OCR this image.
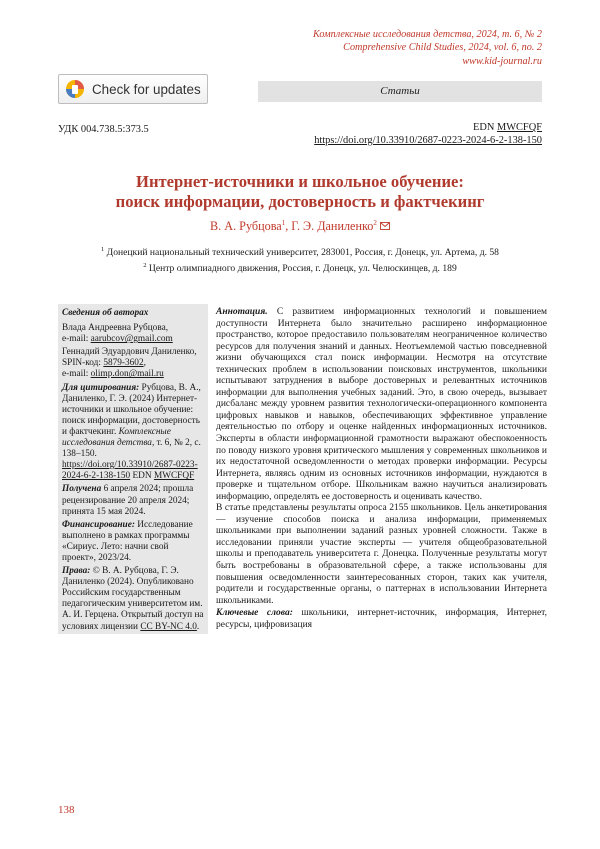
Комплексные исследования детства, 2024, т. 6, № 2
Comprehensive Child Studies, 2024, vol. 6, no. 2
www.kid-journal.ru
Check for updates	Статьи
УДК 004.738.5:373.5	EDN MWCFQF
https://doi.org/10.33910/2687-0223-2024-6-2-138-150
Интернет-источники и школьное обучение:
поиск информации, достоверность и фактчекинг
В. А. Рубцова$^1$, Г. Э. Даниленко$^2$
$^1$ Донецкий национальный технический университет, 283001, Россия, г. Донецк, ул. Артема, д. 58
$^2$ Центр олимпиадного движения, Россия, г. Донецк, ул. Челюскинцев, д. 189
Сведения об авторах
Влада Андреевна Рубцова,
e-mail: aarubcov@gmail.com
Геннадий Эдуардович Даниленко,
SPIN-код: 5879-3602,
e-mail: olimp.don@mail.ru
Для цитирования: Рубцова, В. А., Даниленко, Г. Э. (2024) Интернет-источники и школьное обучение: поиск информации, достоверность и фактчекинг. Комплексные исследования детства, т. 6, № 2, с. 138–150. https://doi.org/10.33910/2687-0223-2024-6-2-138-150 EDN MWCFQF
Получена 6 апреля 2024; прошла рецензирование 20 апреля 2024; принята 15 мая 2024.
Финансирование: Исследование выполнено в рамках программы «Сириус. Лето: начни свой проект», 2023/24.
Права: © В. А. Рубцова, Г. Э. Даниленко (2024). Опубликовано Российским государственным педагогическим университетом им. А. И. Герцена. Открытый доступ на условиях лицензии CC BY-NC 4.0.

Аннотация. С развитием информационных технологий и повышением доступности Интернета было значительно расширено информационное пространство, которое предоставило пользователям неограниченное количество ресурсов для получения знаний и данных. Неотъемлемой частью повседневной жизни обучающихся стал поиск информации. Несмотря на отсутствие технических проблем в использовании поисковых инструментов, школьники испытывают затруднения в выборе достоверных и релевантных источников информации для выполнения учебных заданий. Это, в свою очередь, вызывает дисбаланс между уровнем развития технологически-операционного компонента цифровых навыков и навыков, обеспечивающих эффективное управление деятельностью по отбору и оценке найденных информационных источников. Эксперты в области информационной грамотности выражают обеспокоенность по поводу низкого уровня критического мышления у современных школьников и их недостаточной осведомленности о методах проверки информации. Ресурсы Интернета, являясь одним из основных источников информации, нуждаются в проверке и тщательном отборе. Школьникам важно научиться анализировать информацию, определять ее достоверность и оценивать качество.

В статье представлены результаты опроса 2155 школьников. Цель анкетирования — изучение способов поиска и анализа информации, применяемых школьниками при выполнении заданий разных уровней сложности. Также в исследовании приняли участие эксперты — учителя общеобразовательной школы и преподаватель университета г. Донецка. Полученные результаты могут быть востребованы в образовательной сфере, а также использованы для повышения осведомленности заинтересованных сторон, таких как учителя, родители и государственные органы, о паттернах в использовании Интернета школьниками.

Ключевые слова: школьники, интернет-источник, информация, Интернет, ресурсы, цифровизация
138
